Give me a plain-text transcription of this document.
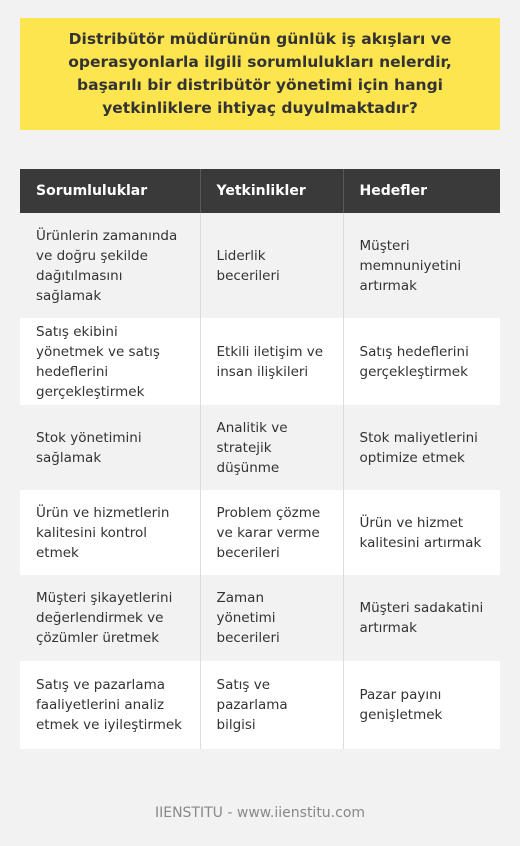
Distribütör müdürünün günlük iş akışları ve operasyonlarla ilgili sorumlulukları nelerdir, başarılı bir distribütör yönetimi için hangi yetkinliklere ihtiyaç duyulmaktadır?
Sorumluluklar	Yetkinlikler	Hedefler
Ürünlerin zamanında ve doğru şekilde dağıtılmasını sağlamak	Liderlik becerileri	Müşteri memnuniyetini artırmak
Satış ekibini yönetmek ve satış hedeflerini gerçekleştirmek	Etkili iletişim ve insan ilişkileri	Satış hedeflerini gerçekleştirmek
Stok yönetimini sağlamak	Analitik ve stratejik düşünme	Stok maliyetlerini optimize etmek
Ürün ve hizmetlerin kalitesini kontrol etmek	Problem çözme ve karar verme becerileri	Ürün ve hizmet kalitesini artırmak
Müşteri şikayetlerini değerlendirmek ve çözümler üretmek	Zaman yönetimi becerileri	Müşteri sadakatini artırmak
Satış ve pazarlama faaliyetlerini analiz etmek ve iyileştirmek	Satış ve pazarlama bilgisi	Pazar payını genişletmek
IIENSTITU - www.iienstitu.com
